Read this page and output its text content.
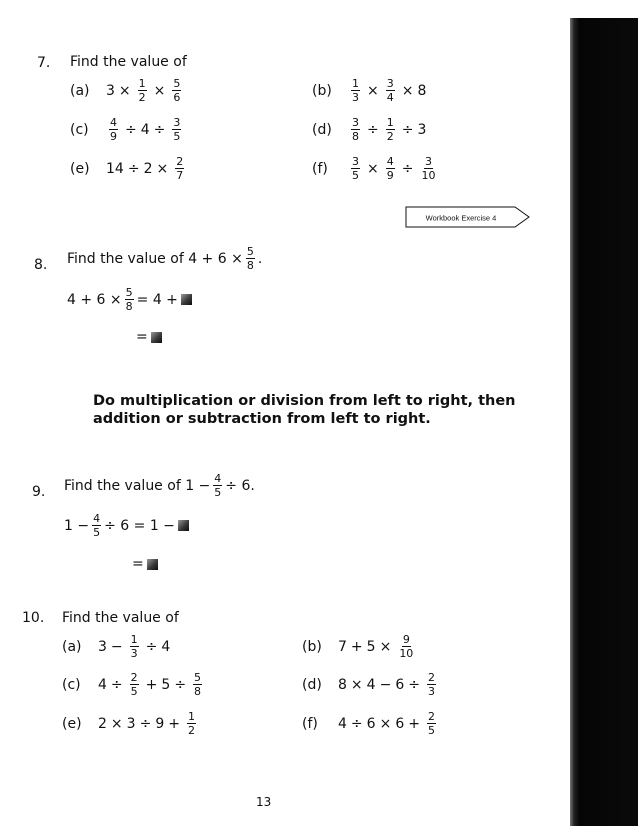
7. Find the value of
(a)	$3 \times \frac{1}{2} \times \frac{5}{6}$	(b)	$\frac{1}{3} \times \frac{3}{4} \times 8$
(c)	$\frac{4}{9} \div 4 \div \frac{3}{5}$	(d)	$\frac{3}{8} \div \frac{1}{2} \div 3$
(e)	$14 \div 2 \times \frac{2}{7}$	(f)	$\frac{3}{5} \times \frac{4}{9} \div \frac{3}{10}$
Workbook Exercise 4
8. Find the value of $4 + 6 \times \frac{5}{8}$ .
$4 + 6 \times \frac{5}{8} = 4$ +
=
Do multiplication or division from left to right, then
addition or subtraction from left to right.
9. Find the value of $1 - \frac{4}{5} \div 6$.
$1 - \frac{4}{5} \div 6 = 1$ −
=
10. Find the value of
(a)	$3 - \frac{1}{3} \div 4$	(b)	$7 + 5 \times \frac{9}{10}$
(c)	$4 \div \frac{2}{5} + 5 \div \frac{5}{8}$	(d)	$8 \times 4 - 6 \div \frac{2}{3}$
(e)	$2 \times 3 \div 9 + \frac{1}{2}$	(f)	$4 \div 6 \times 6 + \frac{2}{5}$
13
